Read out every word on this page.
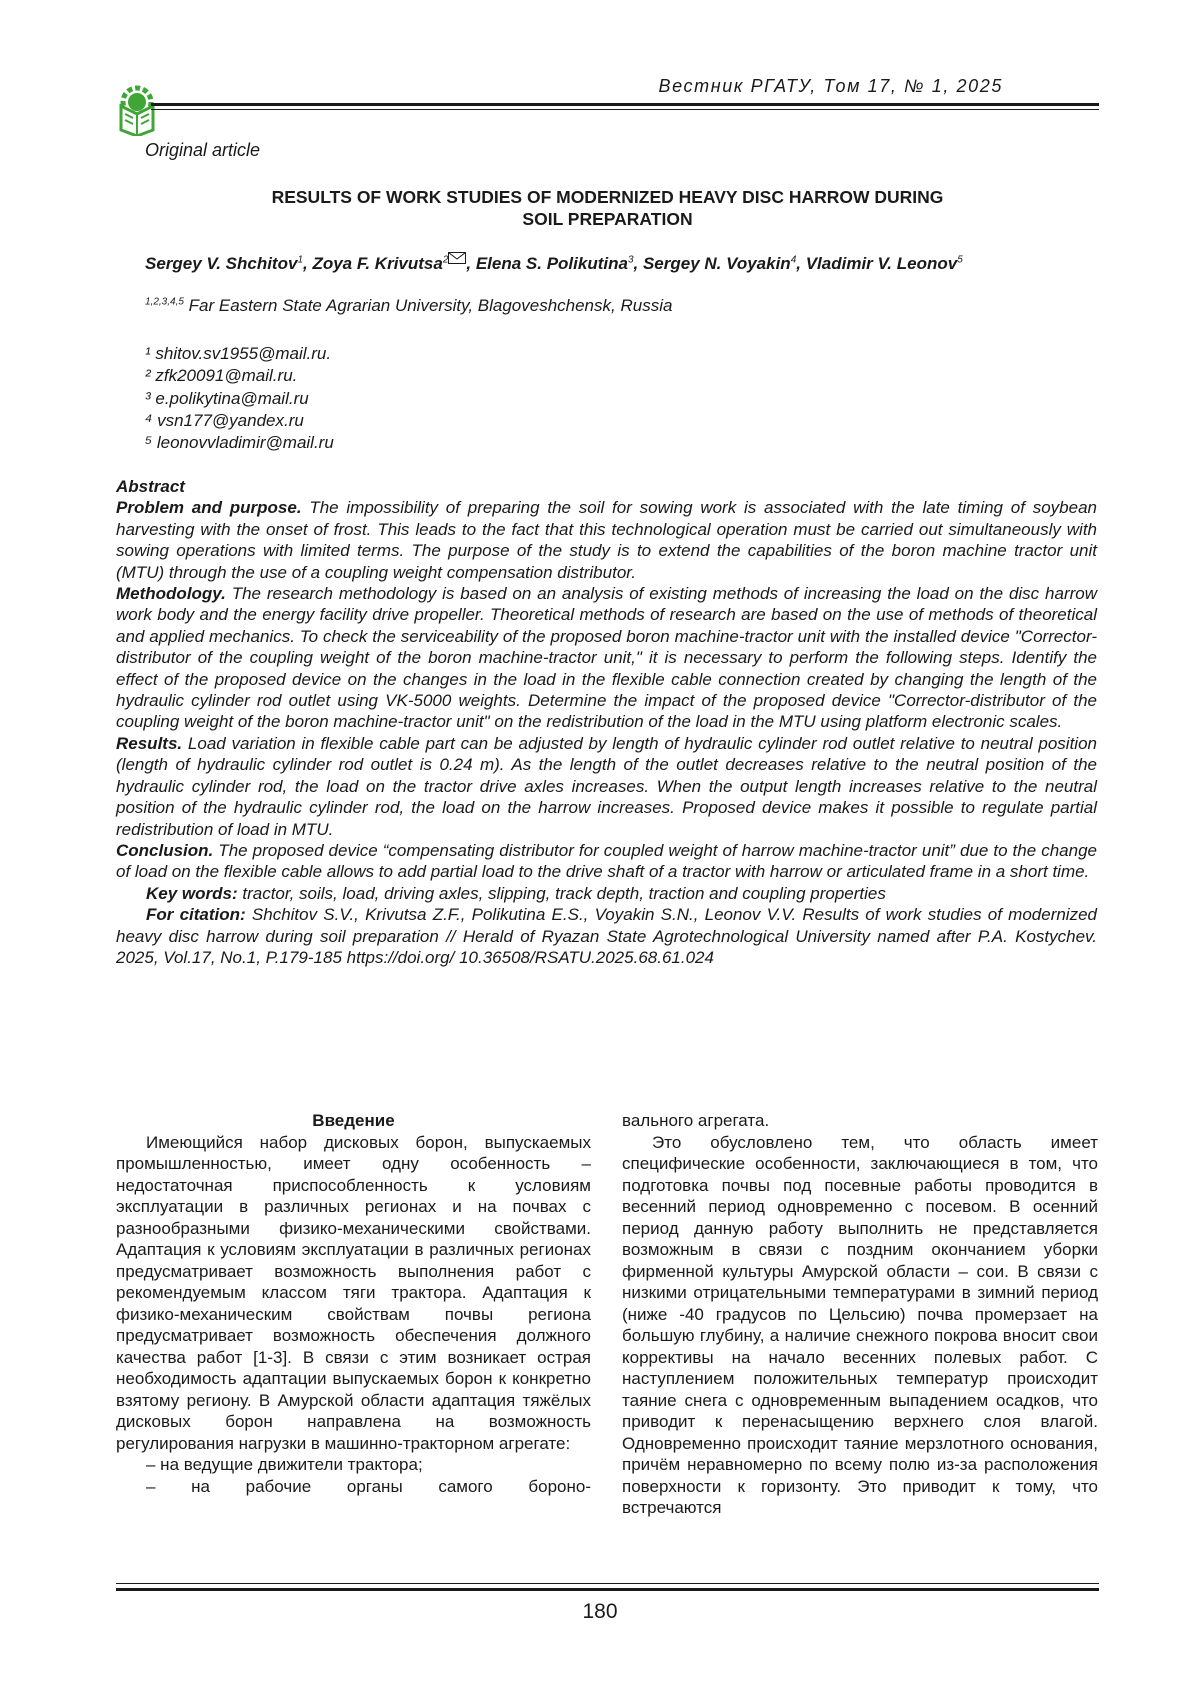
Вестник РГАТУ, Том 17, № 1, 2025
Original article
RESULTS OF WORK STUDIES OF MODERNIZED HEAVY DISC HARROW DURING
SOIL PREPARATION
Sergey V. Shchitov$^1$, Zoya F. Krivutsa$^2$ , Elena S. Polikutina$^3$, Sergey N. Voyakin$^4$, Vladimir V. Leonov$^5$
$^{1,2,3,4,5}$ Far Eastern State Agrarian University, Blagoveshchensk, Russia
¹ shitov.sv1955@mail.ru.
² zfk20091@mail.ru.
³ e.polikytina@mail.ru
⁴ vsn177@yandex.ru
⁵ leonovvladimir@mail.ru

Abstract

Problem and purpose. The impossibility of preparing the soil for sowing work is associated with the late timing of soybean harvesting with the onset of frost. This leads to the fact that this technological operation must be carried out simultaneously with sowing operations with limited terms. The purpose of the study is to extend the capabilities of the boron machine tractor unit (MTU) through the use of a coupling weight compensation distributor.

Methodology. The research methodology is based on an analysis of existing methods of increasing the load on the disc harrow work body and the energy facility drive propeller. Theoretical methods of research are based on the use of methods of theoretical and applied mechanics. To check the serviceability of the proposed boron machine-tractor unit with the installed device "Corrector-distributor of the coupling weight of the boron machine-tractor unit," it is necessary to perform the following steps. Identify the effect of the proposed device on the changes in the load in the flexible cable connection created by changing the length of the hydraulic cylinder rod outlet using VK-5000 weights. Determine the impact of the proposed device "Corrector-distributor of the coupling weight of the boron machine-tractor unit" on the redistribution of the load in the MTU using platform electronic scales.

Results. Load variation in flexible cable part can be adjusted by length of hydraulic cylinder rod outlet relative to neutral position (length of hydraulic cylinder rod outlet is 0.24 m). As the length of the outlet decreases relative to the neutral position of the hydraulic cylinder rod, the load on the tractor drive axles increases. When the output length increases relative to the neutral position of the hydraulic cylinder rod, the load on the harrow increases. Proposed device makes it possible to regulate partial redistribution of load in MTU.

Conclusion. The proposed device “compensating distributor for coupled weight of harrow machine-tractor unit” due to the change of load on the flexible cable allows to add partial load to the drive shaft of a tractor with harrow or articulated frame in a short time.

Key words: tractor, soils, load, driving axles, slipping, track depth, traction and coupling properties

For citation: Shchitov S.V., Krivutsa Z.F., Polikutina E.S., Voyakin S.N., Leonov V.V. Results of work studies of modernized heavy disc harrow during soil preparation // Herald of Ryazan State Agrotechnological University named after P.A. Kostychev. 2025, Vol.17, No.1, P.179-185 https://doi.org/ 10.36508/RSATU.2025.68.61.024

Введение

Имеющийся набор дисковых борон, выпускаемых промышленностью, имеет одну особенность – недостаточная приспособленность к условиям эксплуатации в различных регионах и на почвах с разнообразными физико-механическими свойствами. Адаптация к условиям эксплуатации в различных регионах предусматривает возможность выполнения работ с рекомендуемым классом тяги трактора. Адаптация к физико-механическим свойствам почвы региона предусматривает возможность обеспечения должного качества работ [1-3]. В связи с этим возникает острая необходимость адаптации выпускаемых борон к конкретно взятому региону. В Амурской области адаптация тяжёлых дисковых борон направлена на возможность регулирования нагрузки в машинно-тракторном агрегате:

– на ведущие движители трактора;

– на рабочие органы самого бороно-

вального агрегата.

Это обусловлено тем, что область имеет специфические особенности, заключающиеся в том, что подготовка почвы под посевные работы проводится в весенний период одновременно с посевом. В осенний период данную работу выполнить не представляется возможным в связи с поздним окончанием уборки фирменной культуры Амурской области – сои. В связи с низкими отрицательными температурами в зимний период (ниже -40 градусов по Цельсию) почва промерзает на большую глубину, а наличие снежного покрова вносит свои коррективы на начало весенних полевых работ. С наступлением положительных температур происходит таяние снега с одновременным выпадением осадков, что приводит к перенасыщению верхнего слоя влагой. Одновременно происходит таяние мерзлотного основания, причём неравномерно по всему полю из-за расположения поверхности к горизонту. Это приводит к тому, что встречаются

180
